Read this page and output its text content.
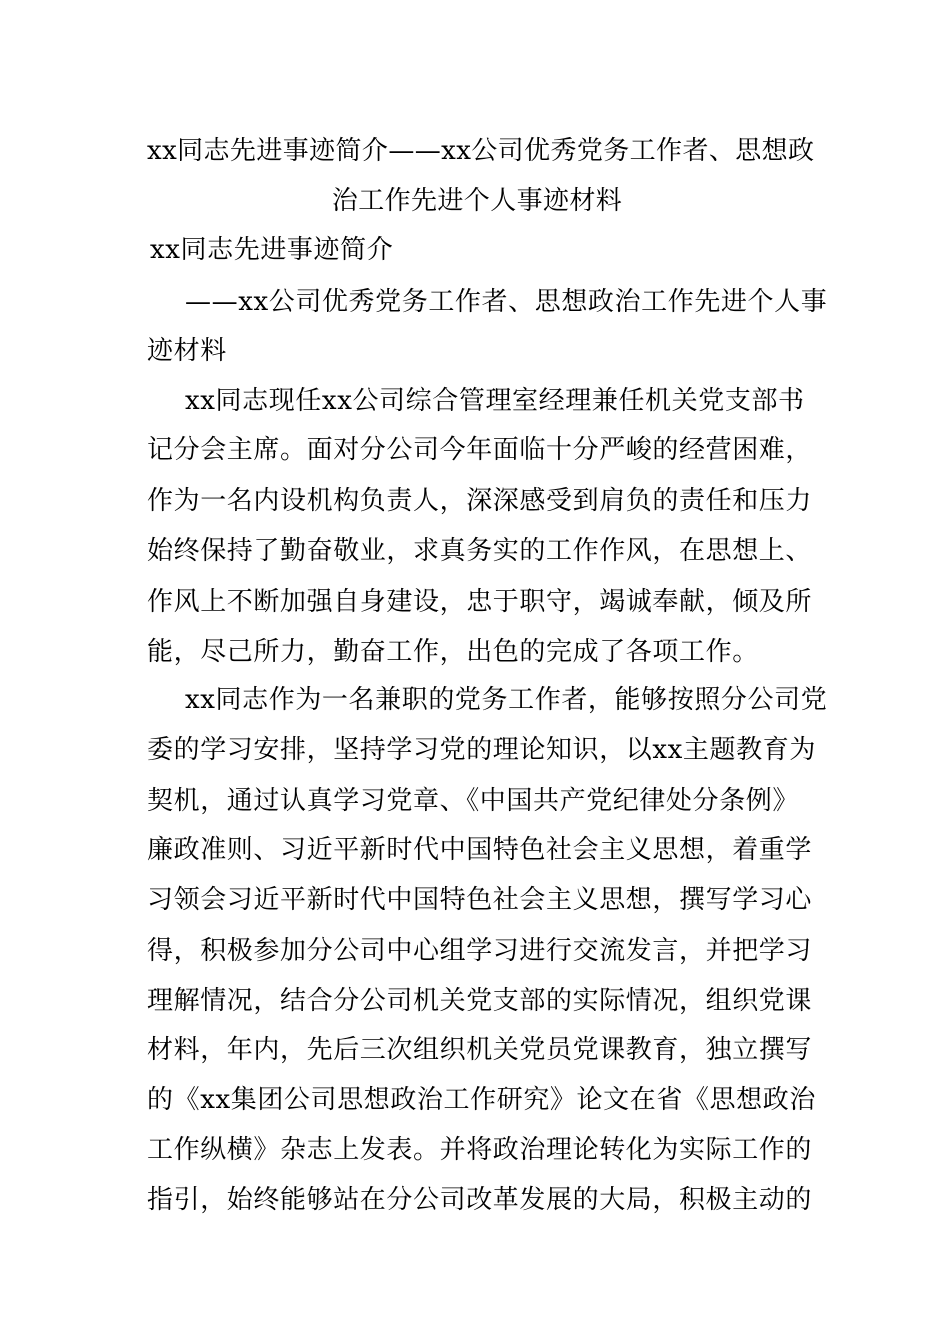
xx同志先进事迹简介——xx公司优秀党务工作者、思想政
治工作先进个人事迹材料
xx同志先进事迹简介
——xx公司优秀党务工作者、思想政治工作先进个人事
迹材料
xx同志现任xx公司综合管理室经理兼任机关党支部书
记分会主席。面对分公司今年面临十分严峻的经营困难，
作为一名内设机构负责人，深深感受到肩负的责任和压力
始终保持了勤奋敬业，求真务实的工作作风，在思想上、
作风上不断加强自身建设，忠于职守，竭诚奉献，倾及所
能，尽己所力，勤奋工作，出色的完成了各项工作。
xx同志作为一名兼职的党务工作者，能够按照分公司党
委的学习安排，坚持学习党的理论知识，以xx主题教育为
契机，通过认真学习党章、《中国共产党纪律处分条例》
廉政准则、习近平新时代中国特色社会主义思想，着重学
习领会习近平新时代中国特色社会主义思想，撰写学习心
得，积极参加分公司中心组学习进行交流发言，并把学习
理解情况，结合分公司机关党支部的实际情况，组织党课
材料，年内，先后三次组织机关党员党课教育，独立撰写
的《xx集团公司思想政治工作研究》论文在省《思想政治
工作纵横》杂志上发表。并将政治理论转化为实际工作的
指引，始终能够站在分公司改革发展的大局，积极主动的
